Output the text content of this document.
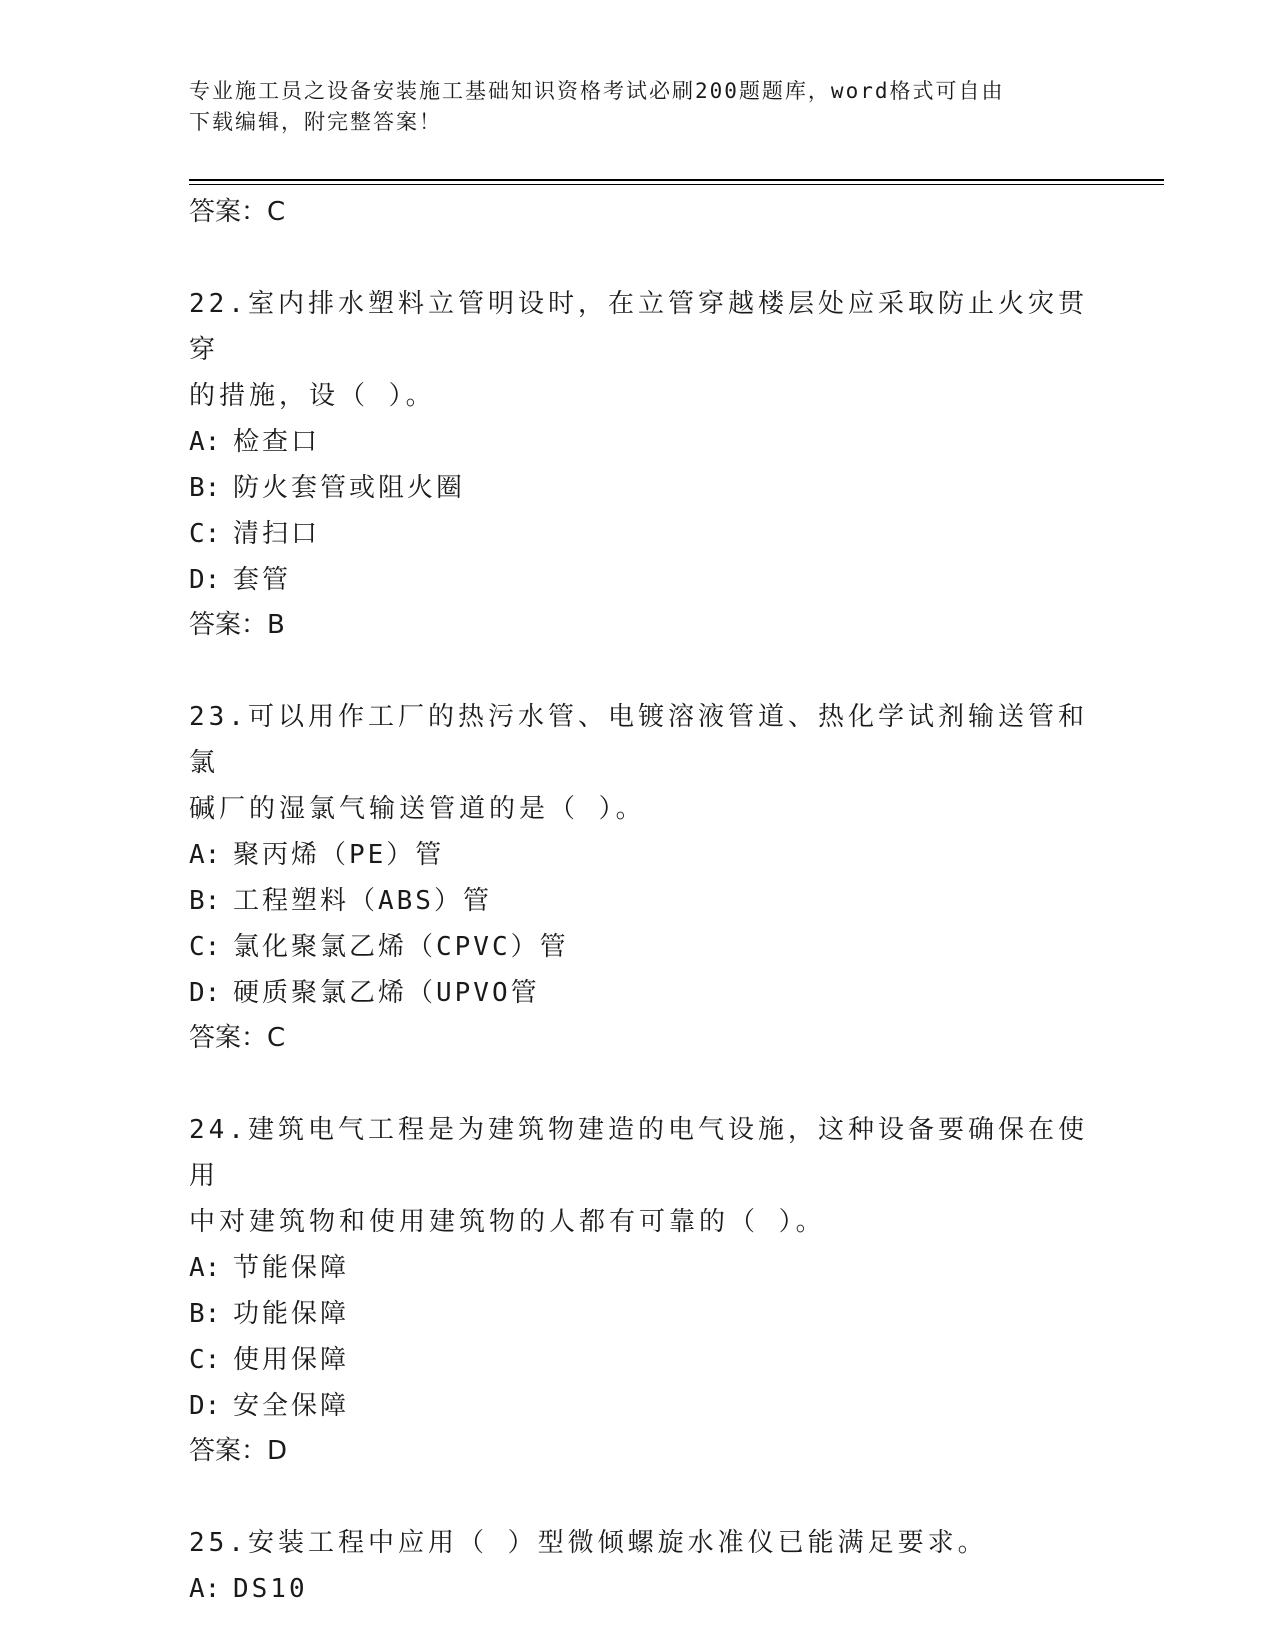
专业施工员之设备安装施工基础知识资格考试必刷200题题库，word格式可自由
下载编辑，附完整答案！
答案：C
22.室内排水塑料立管明设时，在立管穿越楼层处应采取防止火灾贯穿
的措施，设（ ）。
A: 检查口
B: 防火套管或阻火圈
C: 清扫口
D: 套管
答案：B
23.可以用作工厂的热污水管、电镀溶液管道、热化学试剂输送管和氯
碱厂的湿氯气输送管道的是（ ）。
A: 聚丙烯（PE）管
B: 工程塑料（ABS）管
C: 氯化聚氯乙烯（CPVC）管
D: 硬质聚氯乙烯（UPVO管
答案：C
24.建筑电气工程是为建筑物建造的电气设施，这种设备要确保在使用
中对建筑物和使用建筑物的人都有可靠的（ ）。
A: 节能保障
B: 功能保障
C: 使用保障
D: 安全保障
答案：D
25.安装工程中应用（ ）型微倾螺旋水准仪已能满足要求。
A: DS10
